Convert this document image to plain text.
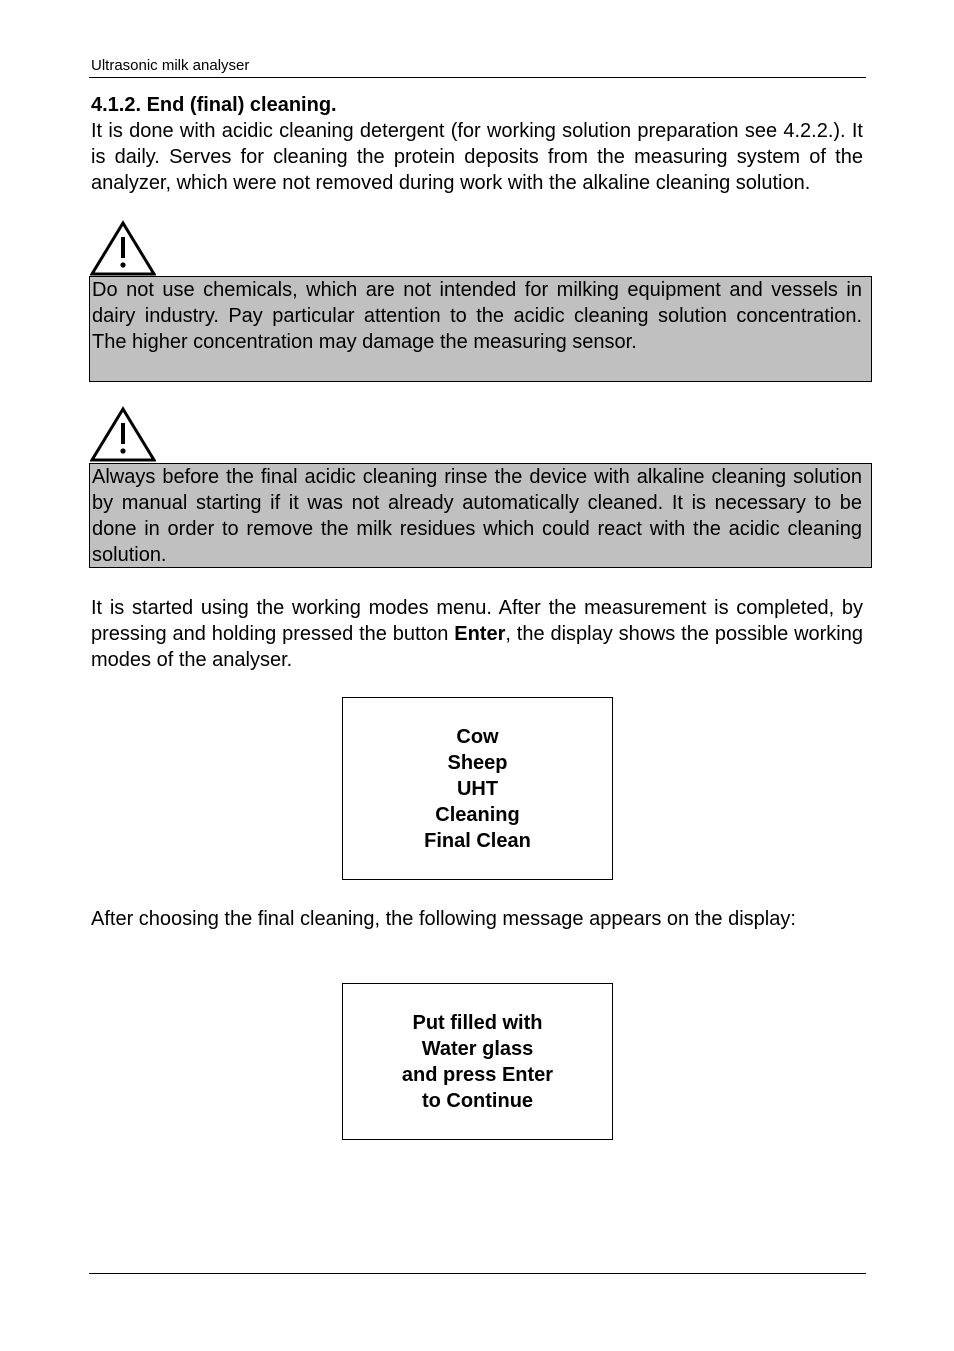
Ultrasonic milk analyser
4.1.2. End (final) cleaning.

It is done with acidic cleaning detergent (for working solution preparation see 4.2.2.). It is daily. Serves for cleaning the protein deposits from the measuring system of the analyzer, which were not removed during work with the alkaline cleaning solution.

Do not use chemicals, which are not intended for milking equipment and vessels in dairy industry. Pay particular attention to the acidic cleaning solution concentration. The higher concentration may damage the measuring sensor.

Always before the final acidic cleaning rinse the device with alkaline cleaning solution by manual starting if it was not already automatically cleaned. It is necessary to be done in order to remove the milk residues which could react with the acidic cleaning solution.

It is started using the working modes menu. After the measurement is completed, by pressing and holding pressed the button Enter, the display shows the possible working modes of the analyser.

Cow
Sheep
UHT
Cleaning
Final Clean

After choosing the final cleaning, the following message appears on the display:

Put filled with
Water glass
and press Enter
to Continue
